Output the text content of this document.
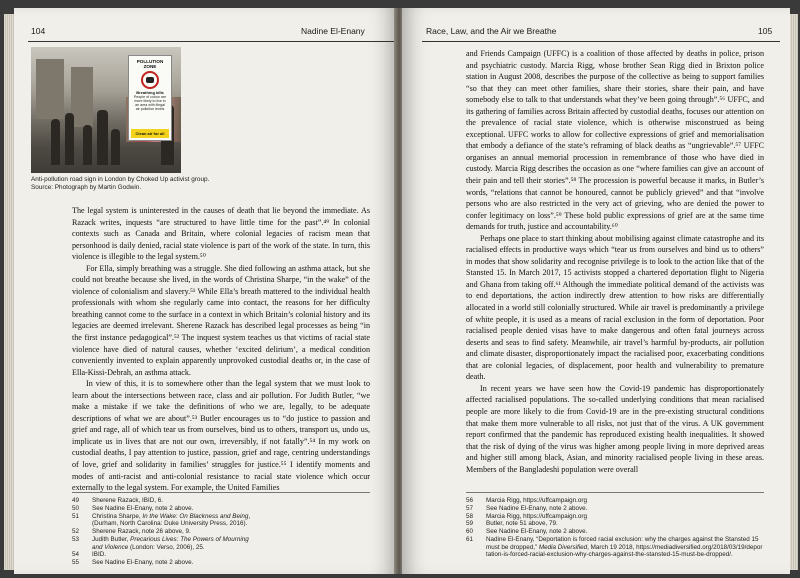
104	Nadine El-Enany
POLLUTION
ZONE
Breathing kills
People of colour are
more likely to live in
an area with illegal
air pollution levels
Clean air for all
Anti-pollution road sign in London by Choked Up activist group.
Source: Photograph by Martin Godwin.

The legal system is uninterested in the causes of death that lie beyond the immediate. As Razack writes, inquests “are structured to have little time for the past”.⁴⁹ In colonial contexts such as Canada and Britain, where colonial legacies of racism mean that personhood is daily denied, racial state violence is part of the work of the state. In turn, this violence is illegible to the legal system.⁵⁰

For Ella, simply breathing was a struggle. She died following an asthma attack, but she could not breathe because she lived, in the words of Christina Sharpe, “in the wake” of the violence of colonialism and slavery.⁵¹ While Ella’s breath mattered to the individual health professionals with whom she regularly came into contact, the reasons for her difficulty breathing cannot come to the surface in a context in which Britain’s colonial history and its legacies are deemed irrelevant. Sherene Razack has described legal processes as being “in the first instance pedagogical”.⁵² The inquest system teaches us that victims of racial state violence have died of natural causes, whether ‘excited delirium’, a medical condition conveniently invented to explain apparently unprovoked custodial deaths or, in the case of Ella-Kissi-Debrah, an asthma attack.

In view of this, it is to somewhere other than the legal system that we must look to learn about the intersections between race, class and air pollution. For Judith Butler, “we make a mistake if we take the definitions of who we are, legally, to be adequate descriptions of what we are about”.⁵³ Butler encourages us to “do justice to passion and grief and rage, all of which tear us from ourselves, bind us to others, transport us, undo us, implicate us in lives that are not our own, irreversibly, if not fatally”.⁵⁴ In my work on custodial deaths, I pay attention to justice, passion, grief and rage, centring understandings of love, grief and solidarity in families’ struggles for justice.⁵⁵ I identify moments and modes of anti-racist and anti-colonial resistance to racial state violence which occur externally to the legal system. For example, the United Families

49 Sherene Razack, IBID, 6.
50 See Nadine El-Enany, note 2 above.
51 Christina Sharpe, In the Wake: On Blackness and Being,
(Durham, North Carolina: Duke University Press, 2016).
52 Sherene Razack, note 26 above, 9.
53 Judith Butler, Precarious Lives: The Powers of Mourning
and Violence (London: Verso, 2006), 25.
54 IBID.
55 See Nadine El-Enany, note 2 above.
Race, Law, and the Air we Breathe	105

and Friends Campaign (UFFC) is a coalition of those affected by deaths in police, prison and psychiatric custody. Marcia Rigg, whose brother Sean Rigg died in Brixton police station in August 2008, describes the purpose of the collective as being to support families “so that they can meet other families, share their stories, share their pain, and have somebody else to talk to that understands what they’ve been going through”.⁵⁶ UFFC, and its gathering of families across Britain affected by custodial deaths, focuses our attention on the prevalence of racial state violence, which is otherwise misconstrued as being exceptional. UFFC works to allow for collective expressions of grief and memorialisation that embody a defiance of the state’s reframing of black deaths as “ungrievable”.⁵⁷ UFFC organises an annual memorial procession in remembrance of those who have died in custody. Marcia Rigg describes the occasion as one “where families can give an account of their pain and tell their stories”.⁵⁸ The procession is powerful because it marks, in Butler’s words, “relations that cannot be honoured, cannot be publicly grieved” and that “involve persons who are also restricted in the very act of grieving, who are denied the power to confer legitimacy on loss”.⁵⁹ These bold public expressions of grief are at the same time demands for truth, justice and accountability.⁶⁰

Perhaps one place to start thinking about mobilising against climate catastrophe and its racialised effects in productive ways which “tear us from ourselves and bind us to others” in modes that show solidarity and recognise privilege is to look to the action like that of the Stansted 15. In March 2017, 15 activists stopped a chartered deportation flight to Nigeria and Ghana from taking off.⁶¹ Although the immediate political demand of the activists was to end deportations, the action indirectly drew attention to how risks are differentially allocated in a world still colonially structured. While air travel is predominantly a privilege of white people, it is used as a means of racial exclusion in the form of deportation. Poor racialised people denied visas have to make dangerous and often fatal journeys across deserts and seas to find safety. Meanwhile, air travel’s harmful by-products, air pollution and climate disaster, disproportionately impact the racialised poor, exacerbating conditions that are colonial legacies, of displacement, poor health and vulnerability to premature death.

In recent years we have seen how the Covid-19 pandemic has disproportionately affected racialised populations. The so-called underlying conditions that mean racialised people are more likely to die from Covid-19 are in the pre-existing structural conditions that make them more vulnerable to all risks, not just that of the virus. A UK government report confirmed that the pandemic has reproduced existing health inequalities. It showed that the risk of dying of the virus was higher among people living in more deprived areas and higher still among black, Asian, and minority racialised people living in these areas. Members of the Bangladeshi population were overall

56 Marcia Rigg, https://uffcampaign.org
57 See Nadine El-Enany, note 2 above.
58 Marcia Rigg, https://uffcampaign.org
59 Butler, note 51 above, 79.
60 See Nadine El-Enany, note 2 above.
61 Nadine El-Enany, “Deportation is forced racial exclusion: why the charges against the Stansted 15 must be dropped,” Media Diversified, March 19 2018, https://mediadiversified.org/2018/03/19/deportation-is-forced-racial-exclusion-why-charges-against-the-stansted-15-must-be-dropped/.
